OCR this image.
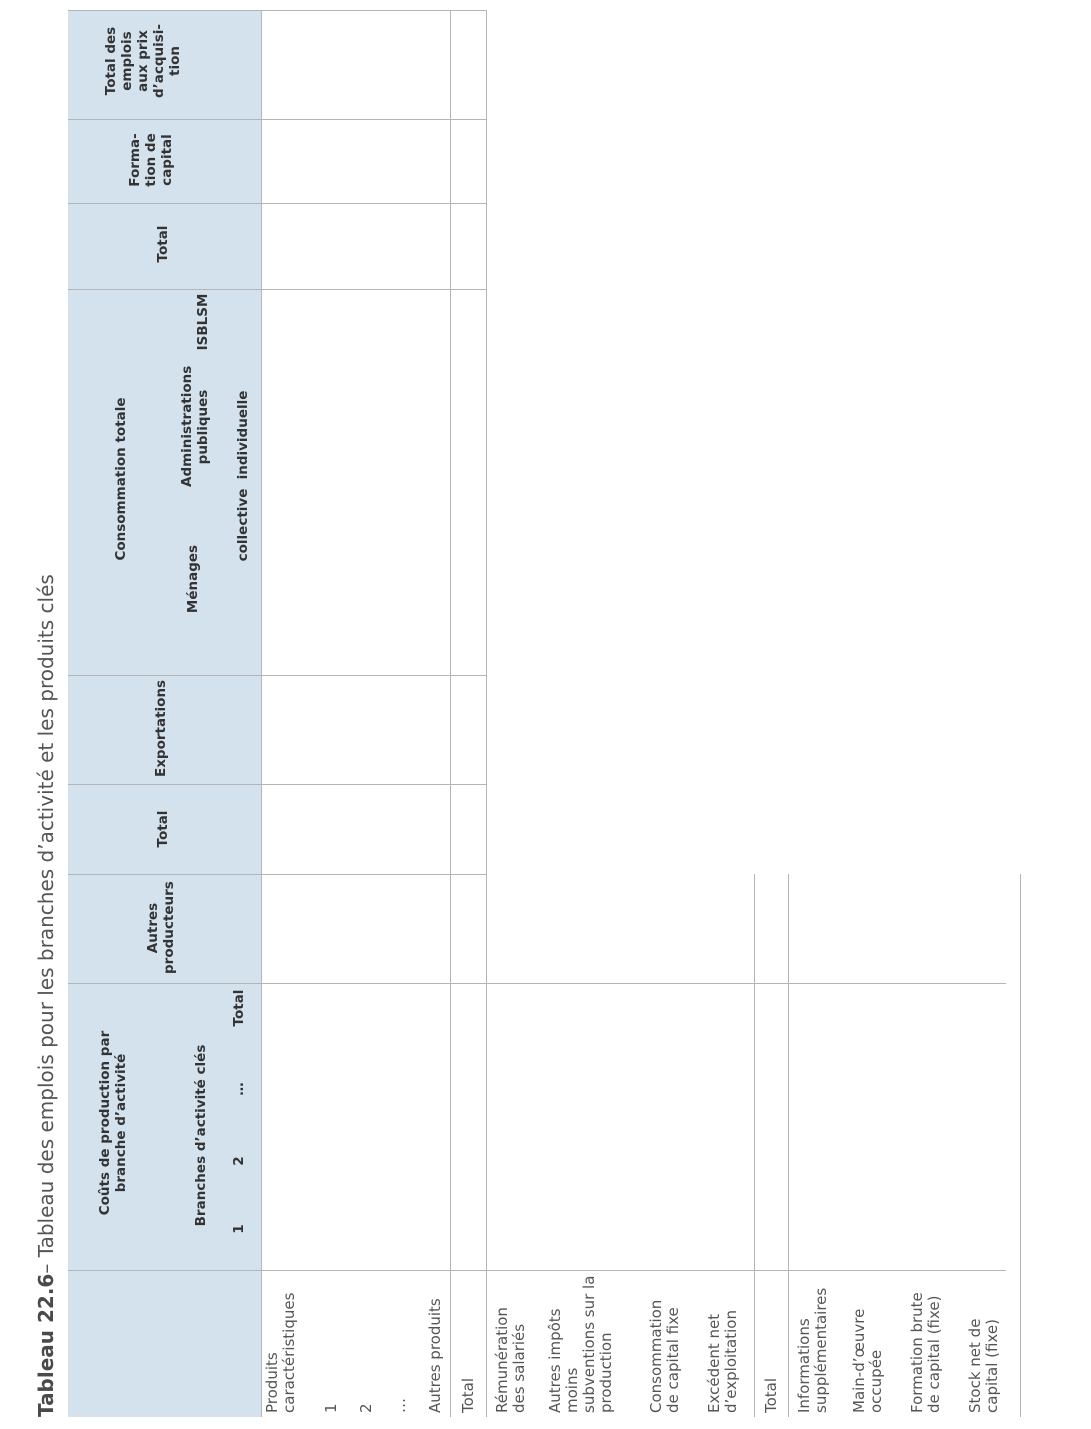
Tableau 22.6– Tableau des emplois pour les branches d’activité et les produits clés	Coûts de production par branche d’activité	Branches d’activité clés
1
2
…
Total
Autres producteurs
Total
Exportations
Consommation totale
Ménages
Administrations publiques
collective
individuelle
ISBLSM
Total
Forma- tion de capital
Total des emplois aux prix d’acquisi- tion
Produits caractéristiques 1 2 … Autres produits Total Rémunération des salariés Autres impôts moins subventions sur la production Consommation de capital fixe Excédent net d’exploitation Total Informations supplémentaires Main-d’œuvre occupée Formation brute de capital (fixe) Stock net de capital (fixe)
